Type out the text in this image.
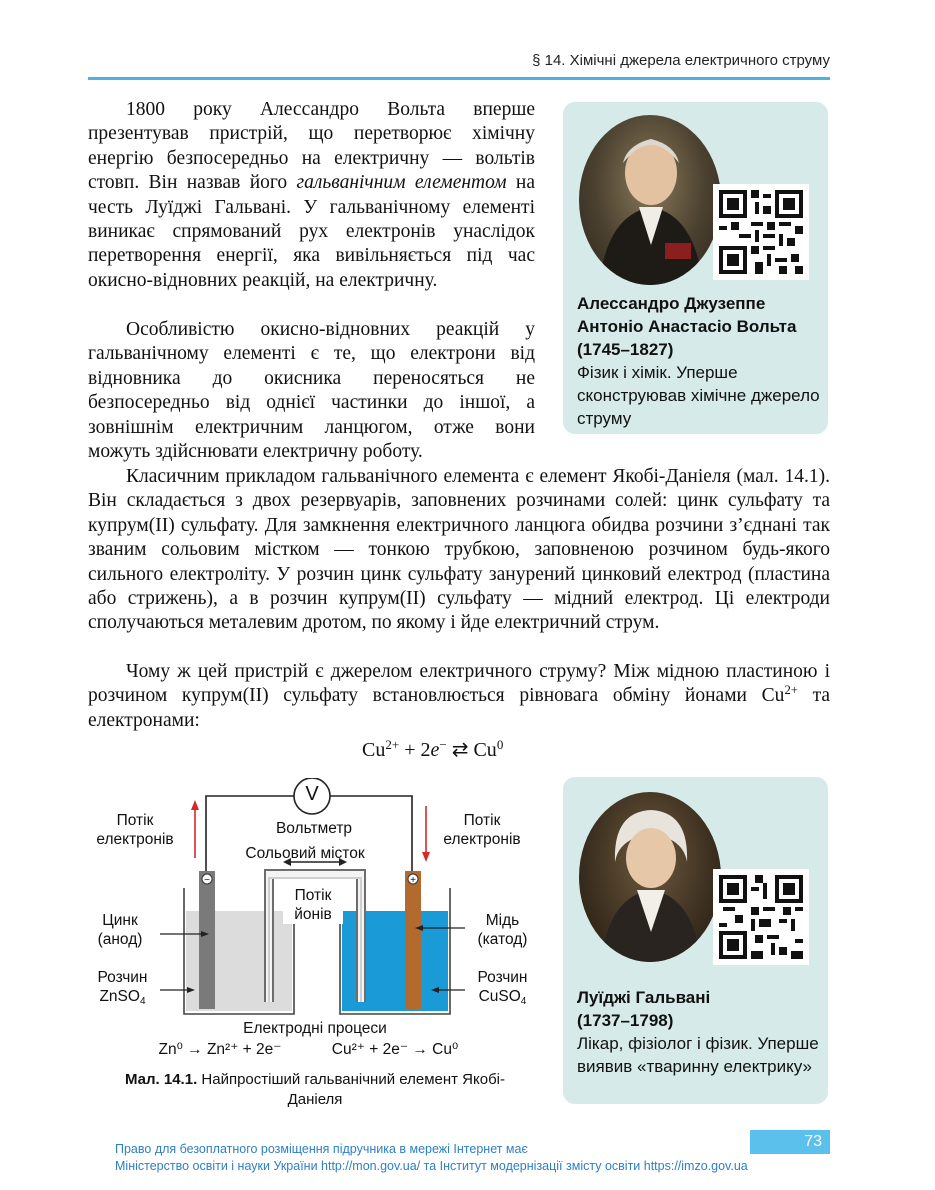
§ 14. Хімічні джерела електричного струму
1800 року Алессандро Вольта вперше презентував пристрій, що перетворює хімічну енергію безпосередньо на електричну — вольтів стовп. Він назвав його гальванічним елементом на честь Луїджі Гальвані. У гальванічному елементі виникає спрямований рух електронів унаслідок перетворення енергії, яка вивільняється під час окисно-відновних реакцій, на електричну.
Особливістю окисно-відновних реакцій у гальванічному елементі є те, що електрони від відновника до окисника переносяться не безпосередньо від однієї частинки до іншої, а зовнішнім електричним ланцюгом, отже вони можуть здійснювати електричну роботу.
Класичним прикладом гальванічного елемента є елемент Якобі-Даніеля (мал. 14.1). Він складається з двох резервуарів, заповнених розчинами солей: цинк сульфату та купрум(II) сульфату. Для замкнення електричного ланцюга обидва розчини з’єднані так званим сольовим містком — тонкою трубкою, заповненою розчином будь-якого сильного електроліту. У розчин цинк сульфату занурений цинковий електрод (пластина або стрижень), а в розчин купрум(II) сульфату — мідний електрод. Ці електроди сполучаються металевим дротом, по якому і йде електричний струм.
Чому ж цей пристрій є джерелом електричного струму? Між мідною пластиною і розчином купрум(II) сульфату встановлюється рівновага обміну йонами $Cu^{2+}$ та електронами:
$Cu^{2+} + 2e^-$ ⇄ Cu$^0$
Алессандро Джузеппе
Антоніо Анастасіо Вольта
(1745–1827)
Фізик і хімік. Уперше сконструював хімічне джерело струму
Луїджі Гальвані
(1737–1798)
Лікар, фізіолог і фізик. Уперше виявив «тваринну електрику»
V
Вольтметр
Сольовий місток
Потік
електронів
Потік
електронів
Потік
йонів
Цинк
(анод)
Мідь
(катод)
Розчин
ZnSO$_4$
Розчин
CuSO$_4$
−	+
Електродні процеси
Zn⁰ → Zn²⁺ + 2e⁻	Cu²⁺ + 2e⁻ → Cu⁰
Мал. 14.1. Найпростіший гальванічний елемент Якобі-Даніеля
73
Право для безоплатного розміщення підручника в мережі Інтернет має
Міністерство освіти і науки України http://mon.gov.ua/ та Інститут модернізації змісту освіти https://imzo.gov.ua
